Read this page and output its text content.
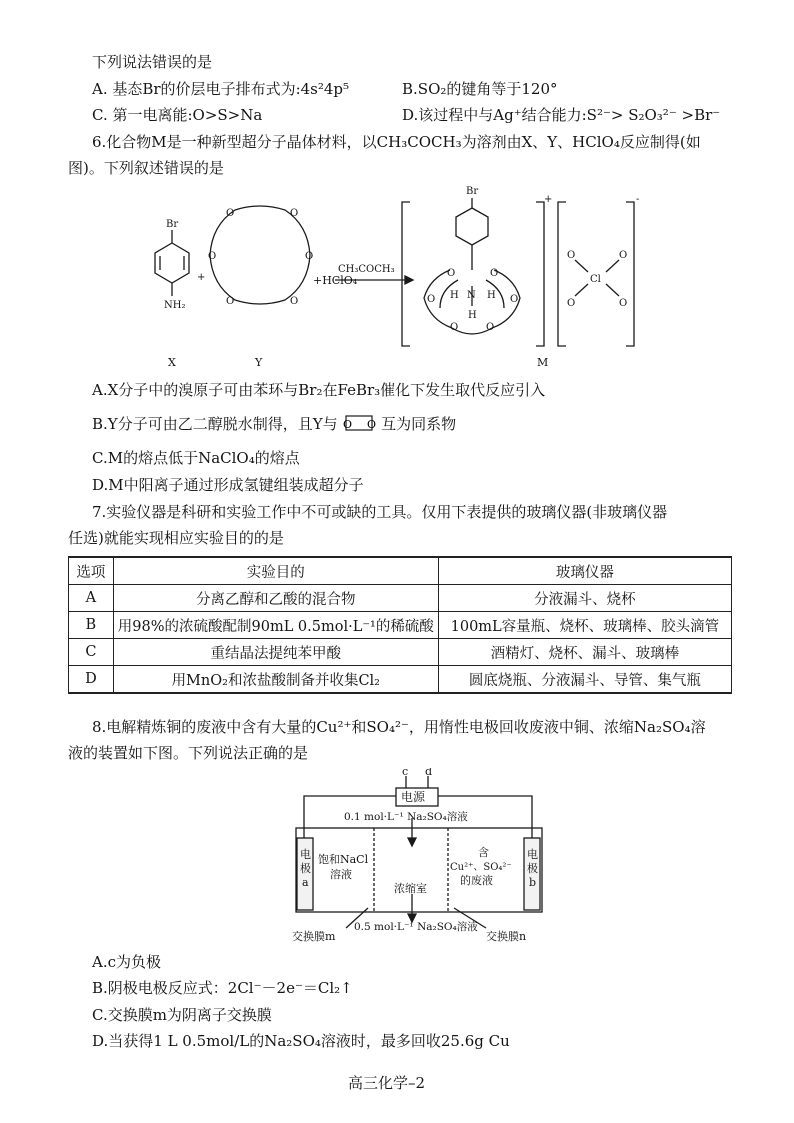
下列说法错误的是
A. 基态Br的价层电子排布式为:4s²4p⁵	B.SO₂的键角等于120°
C. 第一电离能:O>S>Na	D.该过程中与Ag⁺结合能力:S²⁻> S₂O₃²⁻ >Br⁻
6.化合物M是一种新型超分子晶体材料，以CH₃COCH₃为溶剂由X、Y、HClO₄反应制得(如
图)。下列叙述错误的是
Br
NH₂
+
O	O
O	O
O	O
+HClO₄
CH₃COCH₃
Br
+	-
O	O
H N H
O	O
H
O	O
Cl
O	O
O	O
X	Y	M
A.X分子中的溴原子可由苯环与Br₂在FeBr₃催化下发生取代反应引入
B.Y分子可由乙二醇脱水制得，且Y与 O O 互为同系物
C.M的熔点低于NaClO₄的熔点
D.M中阳离子通过形成氢键组装成超分子
7.实验仪器是科研和实验工作中不可或缺的工具。仅用下表提供的玻璃仪器(非玻璃仪器
任选)就能实现相应实验目的的是
选项	实验目的	玻璃仪器
A	分离乙醇和乙酸的混合物	分液漏斗、烧杯
B	用98%的浓硫酸配制90mL 0.5mol·L⁻¹的稀硫酸	100mL容量瓶、烧杯、玻璃棒、胶头滴管
C	重结晶法提纯苯甲酸	酒精灯、烧杯、漏斗、玻璃棒
D	用MnO₂和浓盐酸制备并收集Cl₂	圆底烧瓶、分液漏斗、导管、集气瓶
8.电解精炼铜的废液中含有大量的Cu²⁺和SO₄²⁻，用惰性电极回收废液中铜、浓缩Na₂SO₄溶
液的装置如下图。下列说法正确的是
c d
电源
0.1 mol·L⁻¹ Na₂SO₄溶液
电
极
a
电
极
b
饱和NaCl
溶液
含
Cu²⁺、SO₄²⁻
的废液
浓缩室
0.5 mol·L⁻¹ Na₂SO₄溶液
交换膜m	交换膜n
A.c为负极
B.阴极电极反应式：2Cl⁻－2e⁻＝Cl₂↑
C.交换膜m为阴离子交换膜
D.当获得1 L 0.5mol/L的Na₂SO₄溶液时，最多回收25.6g Cu
高三化学–2
